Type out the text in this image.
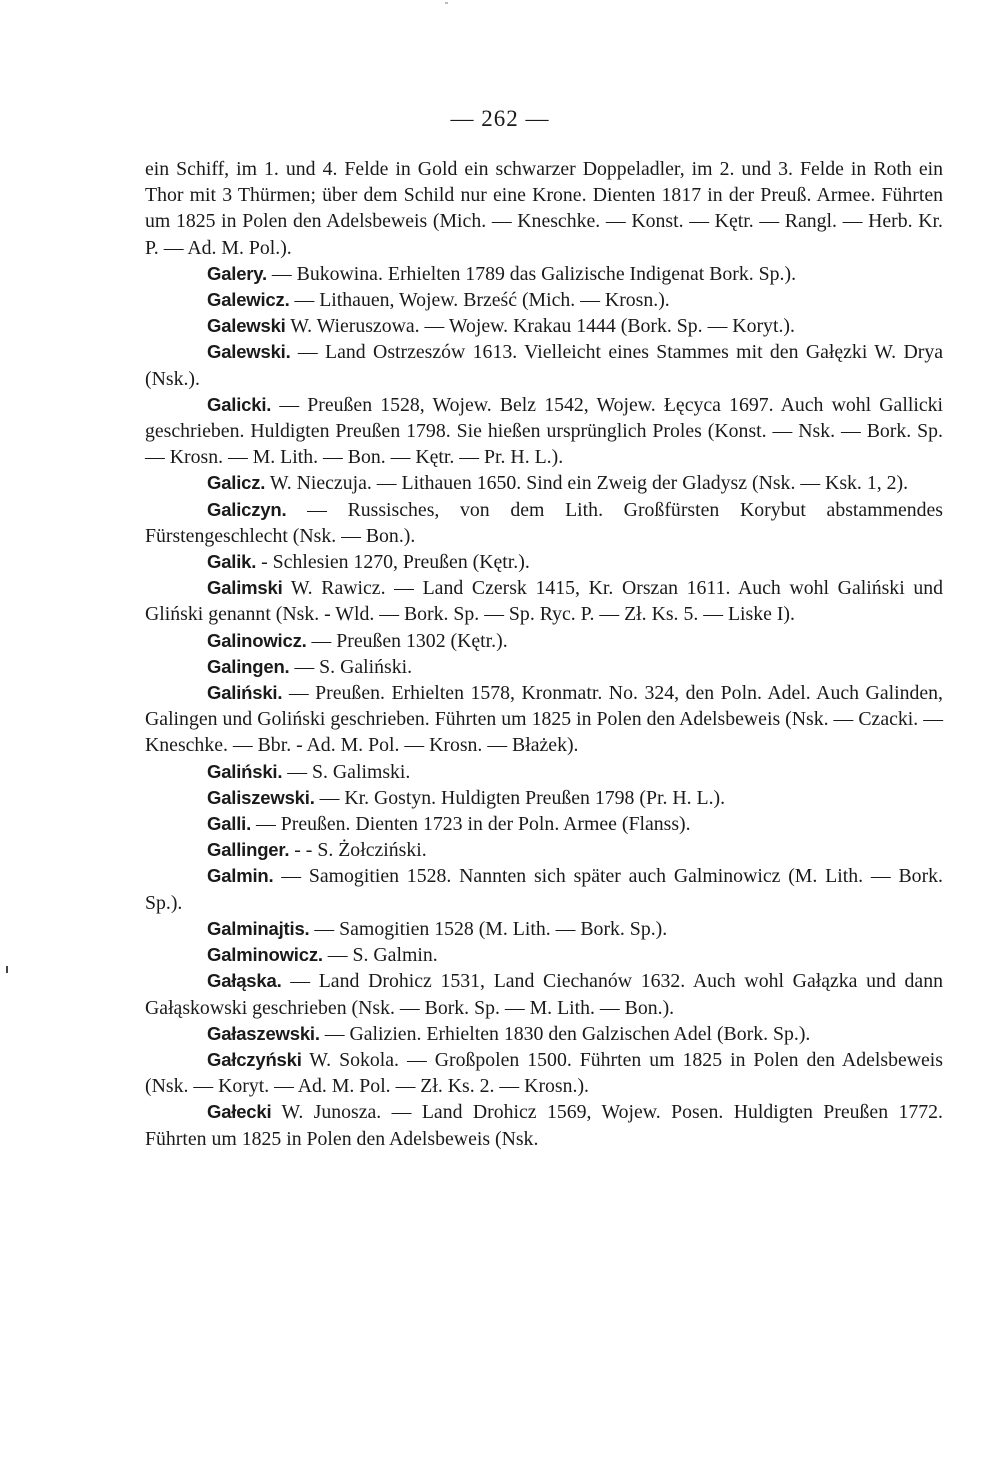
— 262 —

ein Schiff, im 1. und 4. Felde in Gold ein schwarzer Doppeladler, im 2. und 3. Felde in Roth ein Thor mit 3 Thürmen; über dem Schild nur eine Krone. Dienten 1817 in der Preuß. Armee. Führten um 1825 in Polen den Adelsbeweis (Mich. — Kneschke. — Konst. — Kętr. — Rangl. — Herb. Kr. P. — Ad. M. Pol.).

Galery. — Bukowina. Erhielten 1789 das Galizische Indigenat Bork. Sp.).

Galewicz. — Lithauen, Wojew. Brześć (Mich. — Krosn.).

Galewski W. Wieruszowa. — Wojew. Krakau 1444 (Bork. Sp. — Koryt.).

Galewski. — Land Ostrzeszów 1613. Vielleicht eines Stammes mit den Gałęzki W. Drya (Nsk.).

Galicki. — Preußen 1528, Wojew. Belz 1542, Wojew. Łęcyca 1697. Auch wohl Gallicki geschrieben. Huldigten Preußen 1798. Sie hießen ursprünglich Proles (Konst. — Nsk. — Bork. Sp. — Krosn. — M. Lith. — Bon. — Kętr. — Pr. H. L.).

Galicz. W. Nieczuja. — Lithauen 1650. Sind ein Zweig der Gladysz (Nsk. — Ksk. 1, 2).

Galiczyn. — Russisches, von dem Lith. Großfürsten Korybut abstammendes Fürstengeschlecht (Nsk. — Bon.).

Galik. - Schlesien 1270, Preußen (Kętr.).

Galimski W. Rawicz. — Land Czersk 1415, Kr. Orszan 1611. Auch wohl Galiński und Gliński genannt (Nsk. - Wld. — Bork. Sp. — Sp. Ryc. P. — Zł. Ks. 5. — Liske I).

Galinowicz. — Preußen 1302 (Kętr.).

Galingen. — S. Galiński.

Galiński. — Preußen. Erhielten 1578, Kronmatr. No. 324, den Poln. Adel. Auch Galinden, Galingen und Goliński geschrieben. Führten um 1825 in Polen den Adelsbeweis (Nsk. — Czacki. — Kneschke. — Bbr. - Ad. M. Pol. — Krosn. — Błażek).

Galiński. — S. Galimski.

Galiszewski. — Kr. Gostyn. Huldigten Preußen 1798 (Pr. H. L.).

Galli. — Preußen. Dienten 1723 in der Poln. Armee (Flanss).

Gallinger. - - S. Żołcziński.

Galmin. — Samogitien 1528. Nannten sich später auch Galminowicz (M. Lith. — Bork. Sp.).

Galminajtis. — Samogitien 1528 (M. Lith. — Bork. Sp.).

Galminowicz. — S. Galmin.

Gałąska. — Land Drohicz 1531, Land Ciechanów 1632. Auch wohl Gałązka und dann Gałąskowski geschrieben (Nsk. — Bork. Sp. — M. Lith. — Bon.).

Gałaszewski. — Galizien. Erhielten 1830 den Galzischen Adel (Bork. Sp.).

Gałczyński W. Sokola. — Großpolen 1500. Führten um 1825 in Polen den Adelsbeweis (Nsk. — Koryt. — Ad. M. Pol. — Zł. Ks. 2. — Krosn.).

Gałecki W. Junosza. — Land Drohicz 1569, Wojew. Posen. Huldigten Preußen 1772. Führten um 1825 in Polen den Adelsbeweis (Nsk.
